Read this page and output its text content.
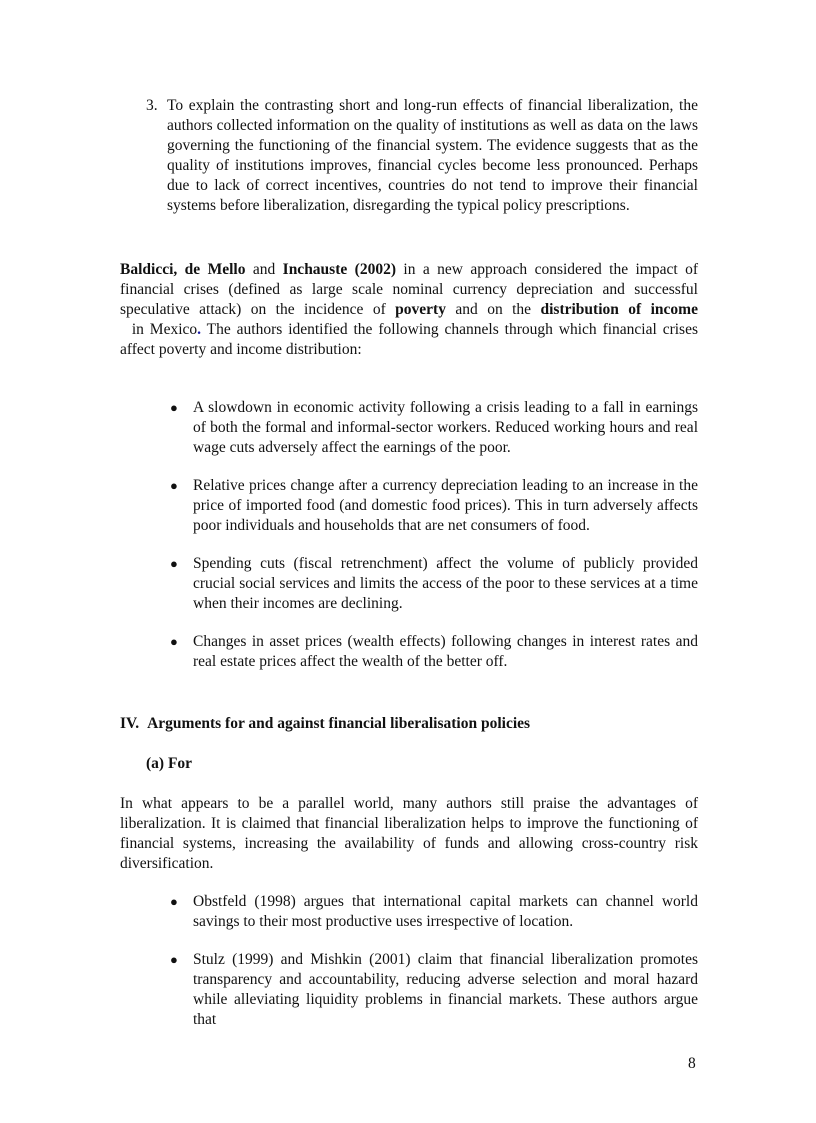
3. To explain the contrasting short and long-run effects of financial liberalization, the authors collected information on the quality of institutions as well as data on the laws governing the functioning of the financial system. The evidence suggests that as the quality of institutions improves, financial cycles become less pronounced. Perhaps due to lack of correct incentives, countries do not tend to improve their financial systems before liberalization, disregarding the typical policy prescriptions.

Baldicci, de Mello and Inchauste (2002) in a new approach considered the impact of financial crises (defined as large scale nominal currency depreciation and successful speculative attack) on the incidence of poverty and on the distribution of income  in Mexico. The authors identified the following channels through which financial crises affect poverty and income distribution:

● A slowdown in economic activity following a crisis leading to a fall in earnings of both the formal and informal-sector workers. Reduced working hours and real wage cuts adversely affect the earnings of the poor.

● Relative prices change after a currency depreciation leading to an increase in the price of imported food (and domestic food prices). This in turn adversely affects poor individuals and households that are net consumers of food.

● Spending cuts (fiscal retrenchment) affect the volume of publicly provided crucial social services and limits the access of the poor to these services at a time when their incomes are declining.

● Changes in asset prices (wealth effects) following changes in interest rates and real estate prices affect the wealth of the better off.

IV. Arguments for and against financial liberalisation policies
(a) For

In what appears to be a parallel world, many authors still praise the advantages of liberalization. It is claimed that financial liberalization helps to improve the functioning of financial systems, increasing the availability of funds and allowing cross-country risk diversification.

● Obstfeld (1998) argues that international capital markets can channel world savings to their most productive uses irrespective of location.

● Stulz (1999) and Mishkin (2001) claim that financial liberalization promotes transparency and accountability, reducing adverse selection and moral hazard while alleviating liquidity problems in financial markets. These authors argue that

8
